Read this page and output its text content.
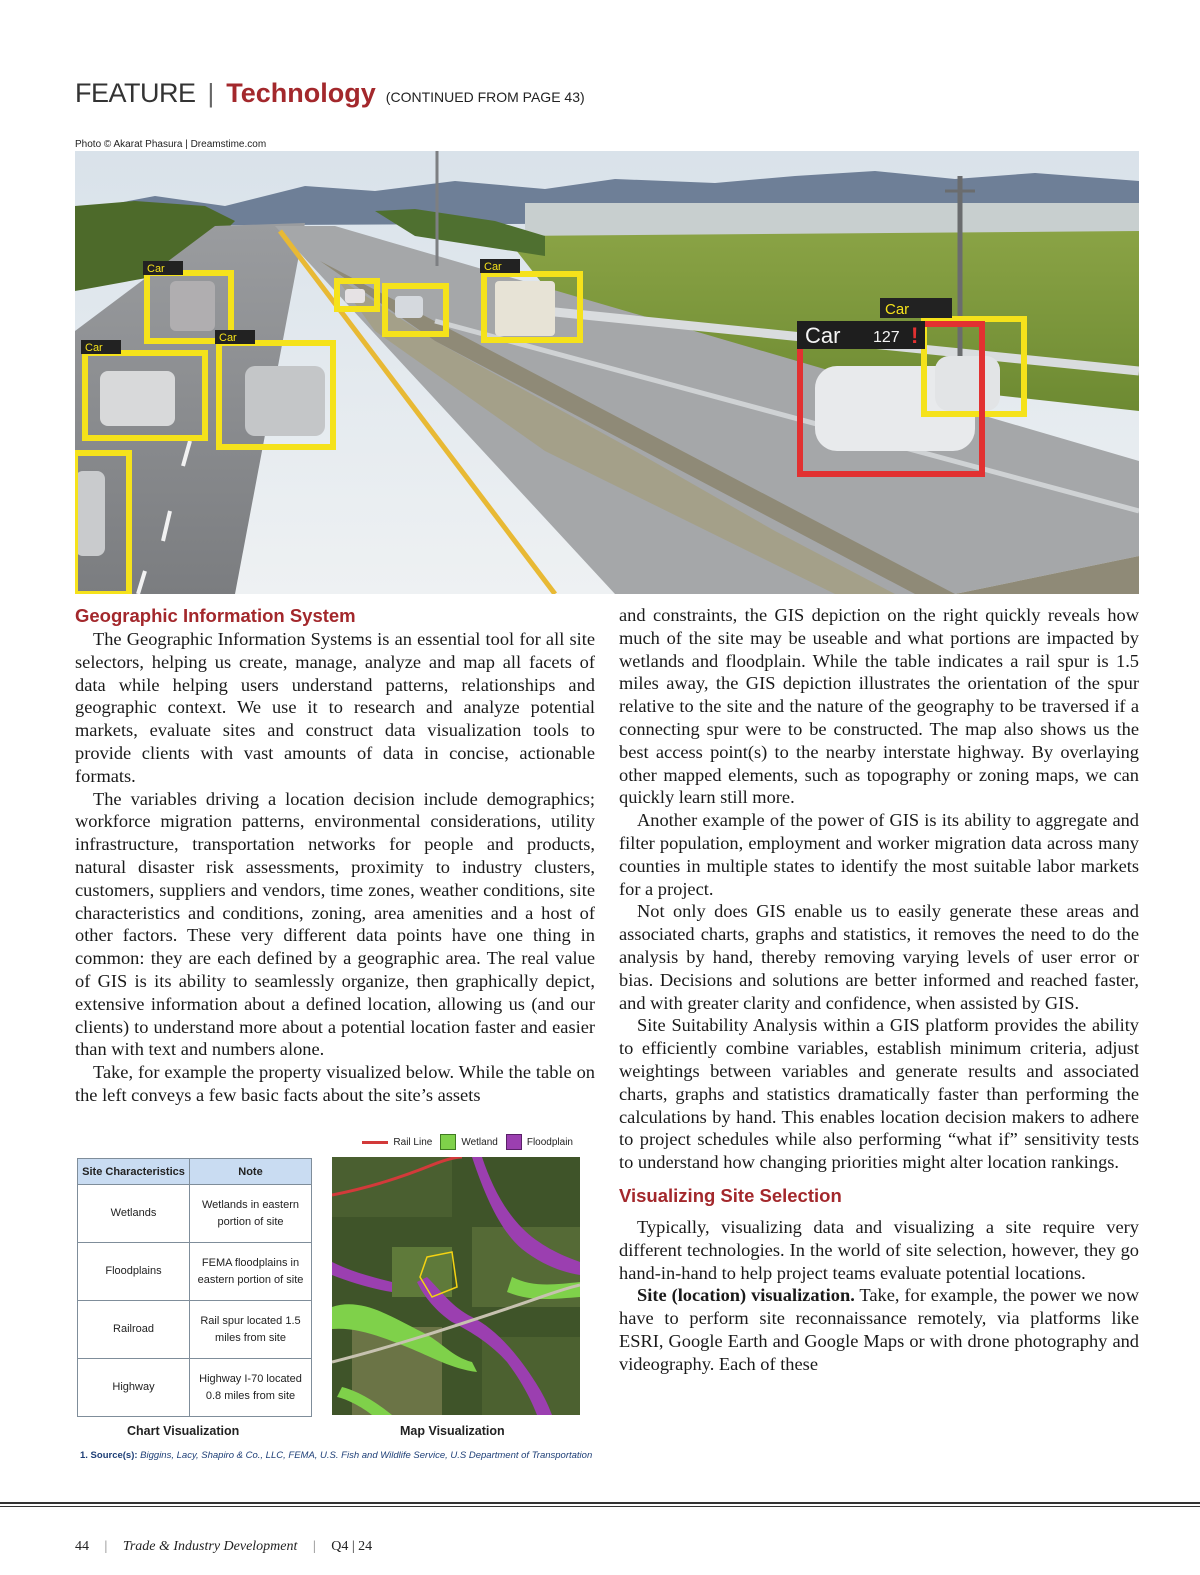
FEATURE | Technology (CONTINUED FROM PAGE 43)
Photo © Akarat Phasura | Dreamstime.com
Car
Car
Car
Car
Car
Car 127 !
Geographic Information System

The Geographic Information Systems is an essential tool for all site selectors, helping us create, manage, analyze and map all facets of data while helping users understand patterns, relationships and geographic context. We use it to research and analyze potential markets, evaluate sites and construct data visualization tools to provide clients with vast amounts of data in concise, actionable formats.

The variables driving a location decision include demographics; workforce migration patterns, environmental considerations, utility infrastructure, transportation networks for people and products, natural disaster risk assessments, proximity to industry clusters, customers, suppliers and vendors, time zones, weather conditions, site characteristics and conditions, zoning, area amenities and a host of other factors. These very different data points have one thing in common: they are each defined by a geographic area. The real value of GIS is its ability to seamlessly organize, then graphically depict, extensive information about a defined location, allowing us (and our clients) to understand more about a potential location faster and easier than with text and numbers alone.

Take, for example the property visualized below. While the table on the left conveys a few basic facts about the site’s assets

Rail Line	Wetland	Floodplain
Site Characteristics	Note
Wetlands	Wetlands in eastern portion of site
Floodplains	FEMA floodplains in eastern portion of site
Railroad	Rail spur located 1.5 miles from site
Highway	Highway I-70 located 0.8 miles from site
Chart Visualization	Map Visualization
1. Source(s): Biggins, Lacy, Shapiro & Co., LLC, FEMA, U.S. Fish and Wildlife Service, U.S Department of Transportation

and constraints, the GIS depiction on the right quickly reveals how much of the site may be useable and what portions are impacted by wetlands and floodplain. While the table indicates a rail spur is 1.5 miles away, the GIS depiction illustrates the orientation of the spur relative to the site and the nature of the geography to be traversed if a connecting spur were to be constructed. The map also shows us the best access point(s) to the nearby interstate highway. By overlaying other mapped elements, such as topography or zoning maps, we can quickly learn still more.

Another example of the power of GIS is its ability to aggregate and filter population, employment and worker migration data across many counties in multiple states to identify the most suitable labor markets for a project.

Not only does GIS enable us to easily generate these areas and associated charts, graphs and statistics, it removes the need to do the analysis by hand, thereby removing varying levels of user error or bias. Decisions and solutions are better informed and reached faster, and with greater clarity and confidence, when assisted by GIS.

Site Suitability Analysis within a GIS platform provides the ability to efficiently combine variables, establish minimum criteria, adjust weightings between variables and generate results and associated charts, graphs and statistics dramatically faster than performing the calculations by hand. This enables location decision makers to adhere to project schedules while also performing “what if” sensitivity tests to understand how changing priorities might alter location rankings.

Visualizing Site Selection

Typically, visualizing data and visualizing a site require very different technologies. In the world of site selection, however, they go hand-in-hand to help project teams evaluate potential locations.

Site (location) visualization. Take, for example, the power we now have to perform site reconnaissance remotely, via platforms like ESRI, Google Earth and Google Maps or with drone photography and videography. Each of these

44 | Trade & Industry Development | Q4 | 24
